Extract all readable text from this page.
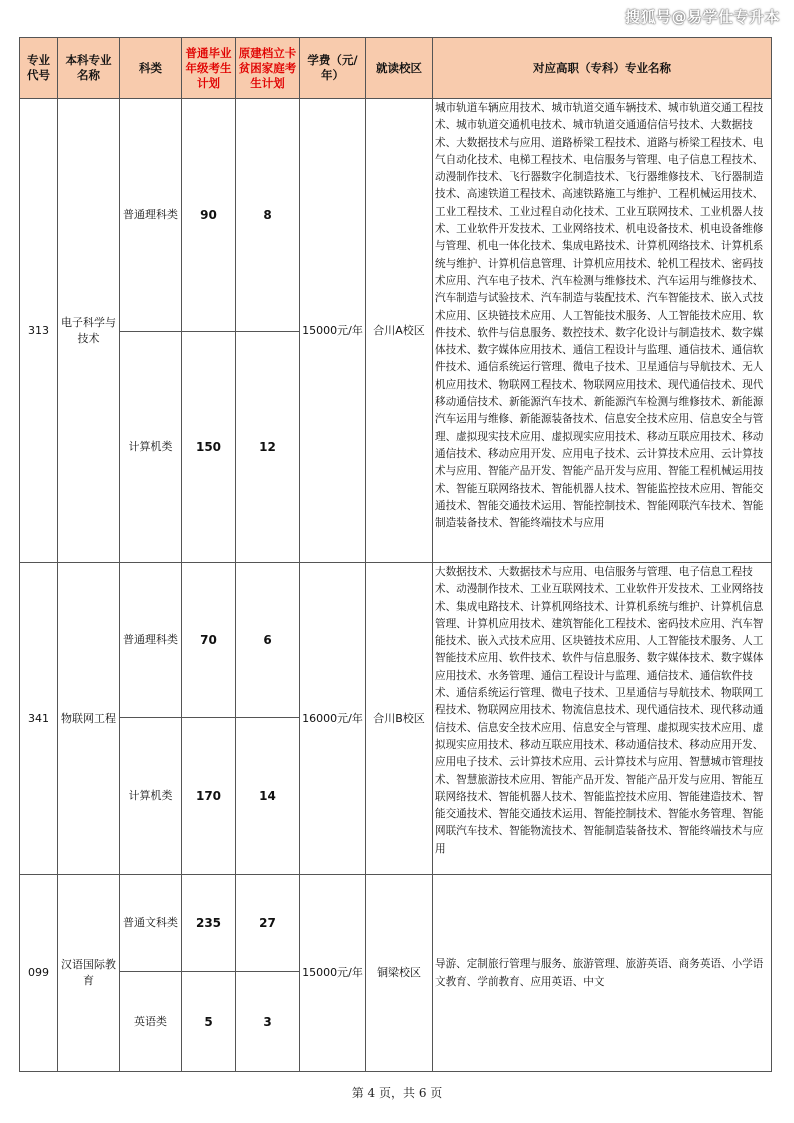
搜狐号@易学仕专升本
专业代号	本科专业名称	科类	普通毕业年级考生计划	原建档立卡贫困家庭考生计划	学费（元/年）	就读校区	对应高职（专科）专业名称
313	电子科学与技术	普通理科类	90	8	15000元/年	合川A校区	城市轨道车辆应用技术、城市轨道交通车辆技术、城市轨道交通工程技术、城市轨道交通机电技术、城市轨道交通通信信号技术、大数据技术、大数据技术与应用、道路桥梁工程技术、道路与桥梁工程技术、电气自动化技术、电梯工程技术、电信服务与管理、电子信息工程技术、动漫制作技术、飞行器数字化制造技术、飞行器维修技术、飞行器制造技术、高速铁道工程技术、高速铁路施工与维护、工程机械运用技术、工业工程技术、工业过程自动化技术、工业互联网技术、工业机器人技术、工业软件开发技术、工业网络技术、机电设备技术、机电设备维修与管理、机电一体化技术、集成电路技术、计算机网络技术、计算机系统与维护、计算机信息管理、计算机应用技术、轮机工程技术、密码技术应用、汽车电子技术、汽车检测与维修技术、汽车运用与维修技术、汽车制造与试验技术、汽车制造与装配技术、汽车智能技术、嵌入式技术应用、区块链技术应用、人工智能技术服务、人工智能技术应用、软件技术、软件与信息服务、数控技术、数字化设计与制造技术、数字媒体技术、数字媒体应用技术、通信工程设计与监理、通信技术、通信软件技术、通信系统运行管理、微电子技术、卫星通信与导航技术、无人机应用技术、物联网工程技术、物联网应用技术、现代通信技术、现代移动通信技术、新能源汽车技术、新能源汽车检测与维修技术、新能源汽车运用与维修、新能源装备技术、信息安全技术应用、信息安全与管理、虚拟现实技术应用、虚拟现实应用技术、移动互联应用技术、移动通信技术、移动应用开发、应用电子技术、云计算技术应用、云计算技术与应用、智能产品开发、智能产品开发与应用、智能工程机械运用技术、智能互联网络技术、智能机器人技术、智能监控技术应用、智能交通技术、智能交通技术运用、智能控制技术、智能网联汽车技术、智能制造装备技术、智能终端技术与应用
		计算机类	150	12			
341	物联网工程	普通理科类	70	6	16000元/年	合川B校区	大数据技术、大数据技术与应用、电信服务与管理、电子信息工程技术、动漫制作技术、工业互联网技术、工业软件开发技术、工业网络技术、集成电路技术、计算机网络技术、计算机系统与维护、计算机信息管理、计算机应用技术、建筑智能化工程技术、密码技术应用、汽车智能技术、嵌入式技术应用、区块链技术应用、人工智能技术服务、人工智能技术应用、软件技术、软件与信息服务、数字媒体技术、数字媒体应用技术、水务管理、通信工程设计与监理、通信技术、通信软件技术、通信系统运行管理、微电子技术、卫星通信与导航技术、物联网工程技术、物联网应用技术、物流信息技术、现代通信技术、现代移动通信技术、信息安全技术应用、信息安全与管理、虚拟现实技术应用、虚拟现实应用技术、移动互联应用技术、移动通信技术、移动应用开发、应用电子技术、云计算技术应用、云计算技术与应用、智慧城市管理技术、智慧旅游技术应用、智能产品开发、智能产品开发与应用、智能互联网络技术、智能机器人技术、智能监控技术应用、智能建造技术、智能交通技术、智能交通技术运用、智能控制技术、智能水务管理、智能网联汽车技术、智能物流技术、智能制造装备技术、智能终端技术与应用
		计算机类	170	14			
099	汉语国际教育	普通文科类	235	27	15000元/年	铜梁校区	导游、定制旅行管理与服务、旅游管理、旅游英语、商务英语、小学语文教育、学前教育、应用英语、中文
		英语类	5	3			
第 4 页，共 6 页
